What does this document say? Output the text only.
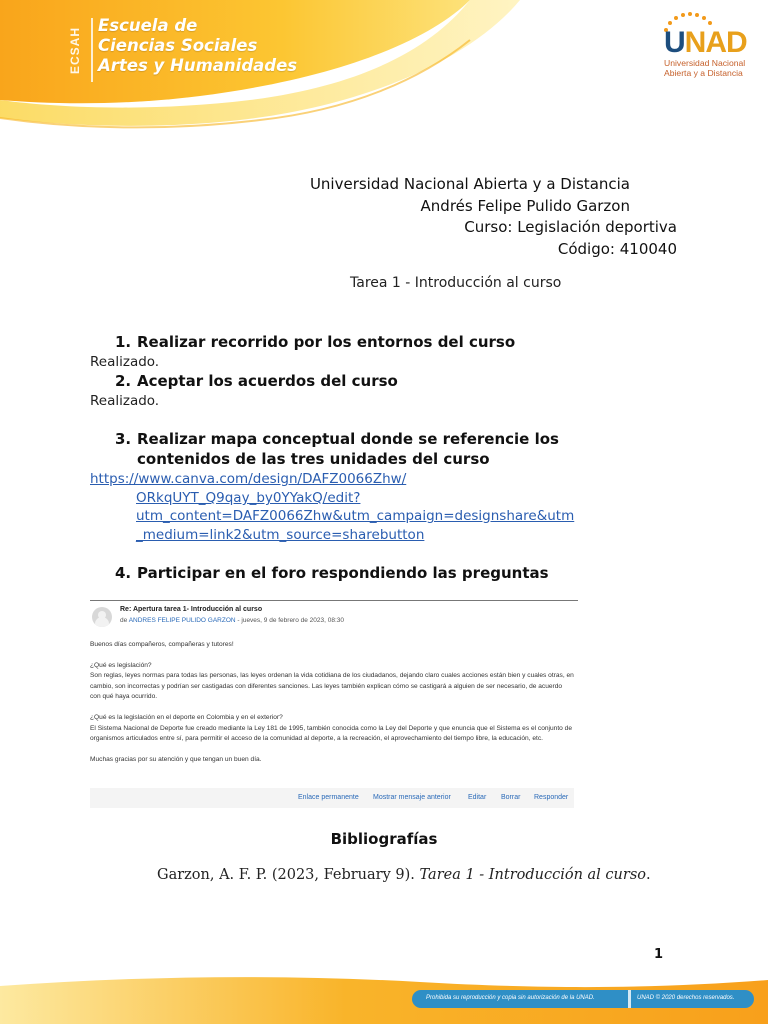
ECSAH
Escuela de
Ciencias Sociales
Artes y Humanidades
UNAD
Universidad Nacional
Abierta y a Distancia
Universidad Nacional Abierta y a Distancia
Andrés Felipe Pulido Garzon
Curso: Legislación deportiva
Código: 410040
Tarea 1 - Introducción al curso
1. Realizar recorrido por los entornos del curso
Realizado.
2. Aceptar los acuerdos del curso
Realizado.
3. Realizar mapa conceptual donde se referencie los
contenidos de las tres unidades del curso
https://www.canva.com/design/DAFZ0066Zhw/
ORkqUYT_Q9qay_by0YYakQ/edit?
utm_content=DAFZ0066Zhw&utm_campaign=designshare&utm
_medium=link2&utm_source=sharebutton
4. Participar en el foro respondiendo las preguntas
Re: Apertura tarea 1- Introducción al curso
de ANDRES FELIPE PULIDO GARZON - jueves, 9 de febrero de 2023, 08:30

Buenos días compañeros, compañeras y tutores!

¿Qué es legislación?
Son reglas, leyes normas para todas las personas, las leyes ordenan la vida cotidiana de los ciudadanos, dejando claro cuales acciones están bien y cuales otras, en cambio, son incorrectas y podrían ser castigadas con diferentes sanciones. Las leyes también explican cómo se castigará a alguien de ser necesario, de acuerdo con qué haya ocurrido.

¿Qué es la legislación en el deporte en Colombia y en el exterior?
El Sistema Nacional de Deporte fue creado mediante la Ley 181 de 1995, también conocida como la Ley del Deporte y que enuncia que el Sistema es el conjunto de organismos articulados entre sí, para permitir el acceso de la comunidad al deporte, a la recreación, el aprovechamiento del tiempo libre, la educación, etc.

Muchas gracias por su atención y que tengan un buen día.

Enlace permanente Mostrar mensaje anterior Editar Borrar Responder
Bibliografías
Garzon, A. F. P. (2023, February 9). Tarea 1 - Introducción al curso.
1
Prohibida su reproducción y copia sin autorización de la UNAD.	UNAD © 2020 derechos reservados.
